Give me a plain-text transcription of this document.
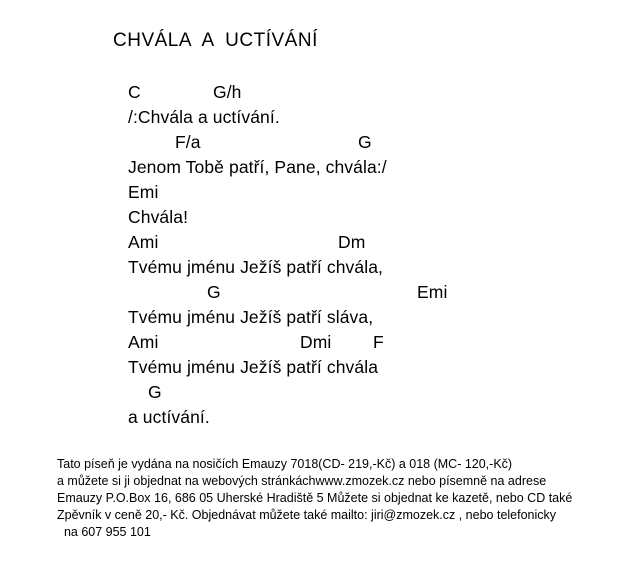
CHVÁLA  A  UCTÍVÁNÍ
C	G/h
/:Chvála a uctívání.
F/a	G
Jenom Tobě patří, Pane, chvála:/
Emi
Chvála!
Ami	Dm
Tvému jménu Ježíš patří chvála,
G	Emi
Tvému jménu Ježíš patří sláva,
Ami	Dmi F
Tvému jménu Ježíš patří chvála
G
a uctívání.
Tato píseň je vydána na nosičích Emauzy 7018(CD- 219,-Kč) a 018 (MC- 120,-Kč)
a můžete si ji objednat na webových stránkáchwww.zmozek.cz nebo písemně na adrese
Emauzy P.O.Box 16, 686 05 Uherské Hradiště 5 Můžete si objednat ke kazetě, nebo CD také
Zpěvník v ceně 20,- Kč. Objednávat můžete také mailto: jiri@zmozek.cz , nebo telefonicky
na 607 955 101
